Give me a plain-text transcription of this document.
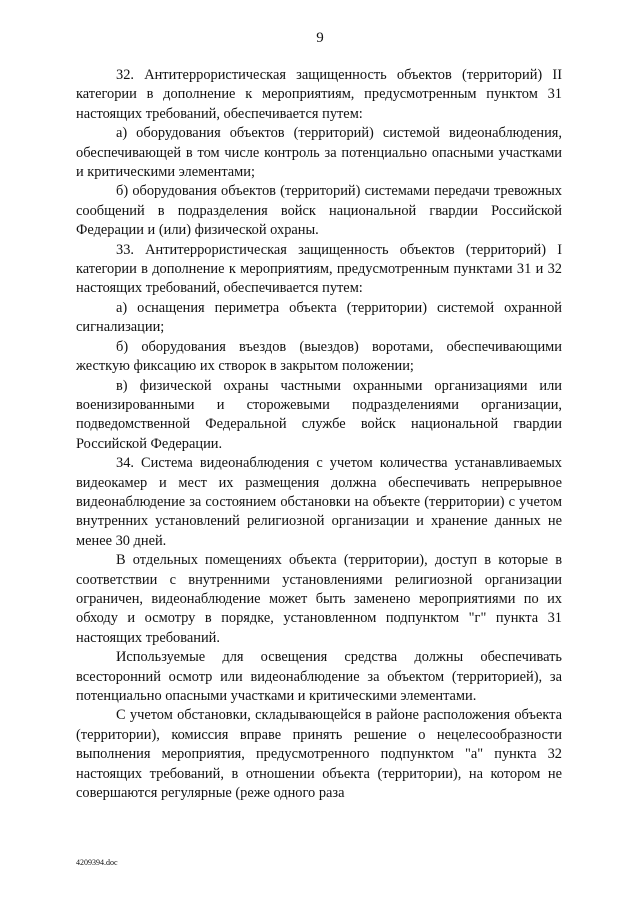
9

32. Антитеррористическая защищенность объектов (территорий) II категории в дополнение к мероприятиям, предусмотренным пунктом 31 настоящих требований, обеспечивается путем:

а) оборудования объектов (территорий) системой видеонаблюдения, обеспечивающей в том числе контроль за потенциально опасными участками и критическими элементами;

б) оборудования объектов (территорий) системами передачи тревожных сообщений в подразделения войск национальной гвардии Российской Федерации и (или) физической охраны.

33. Антитеррористическая защищенность объектов (территорий) I категории в дополнение к мероприятиям, предусмотренным пунктами 31 и 32 настоящих требований, обеспечивается путем:

а) оснащения периметра объекта (территории) системой охранной сигнализации;

б) оборудования въездов (выездов) воротами, обеспечивающими жесткую фиксацию их створок в закрытом положении;

в) физической охраны частными охранными организациями или военизированными и сторожевыми подразделениями организации, подведомственной Федеральной службе войск национальной гвардии Российской Федерации.

34. Система видеонаблюдения с учетом количества устанавливаемых видеокамер и мест их размещения должна обеспечивать непрерывное видеонаблюдение за состоянием обстановки на объекте (территории) с учетом внутренних установлений религиозной организации и хранение данных не менее 30 дней.

В отдельных помещениях объекта (территории), доступ в которые в соответствии с внутренними установлениями религиозной организации ограничен, видеонаблюдение может быть заменено мероприятиями по их обходу и осмотру в порядке, установленном подпунктом "г" пункта 31 настоящих требований.

Используемые для освещения средства должны обеспечивать всесторонний осмотр или видеонаблюдение за объектом (территорией), за потенциально опасными участками и критическими элементами.

С учетом обстановки, складывающейся в районе расположения объекта (территории), комиссия вправе принять решение о нецелесообразности выполнения мероприятия, предусмотренного подпунктом "а" пункта 32 настоящих требований, в отношении объекта (территории), на котором не совершаются регулярные (реже одного раза

4209394.doc
